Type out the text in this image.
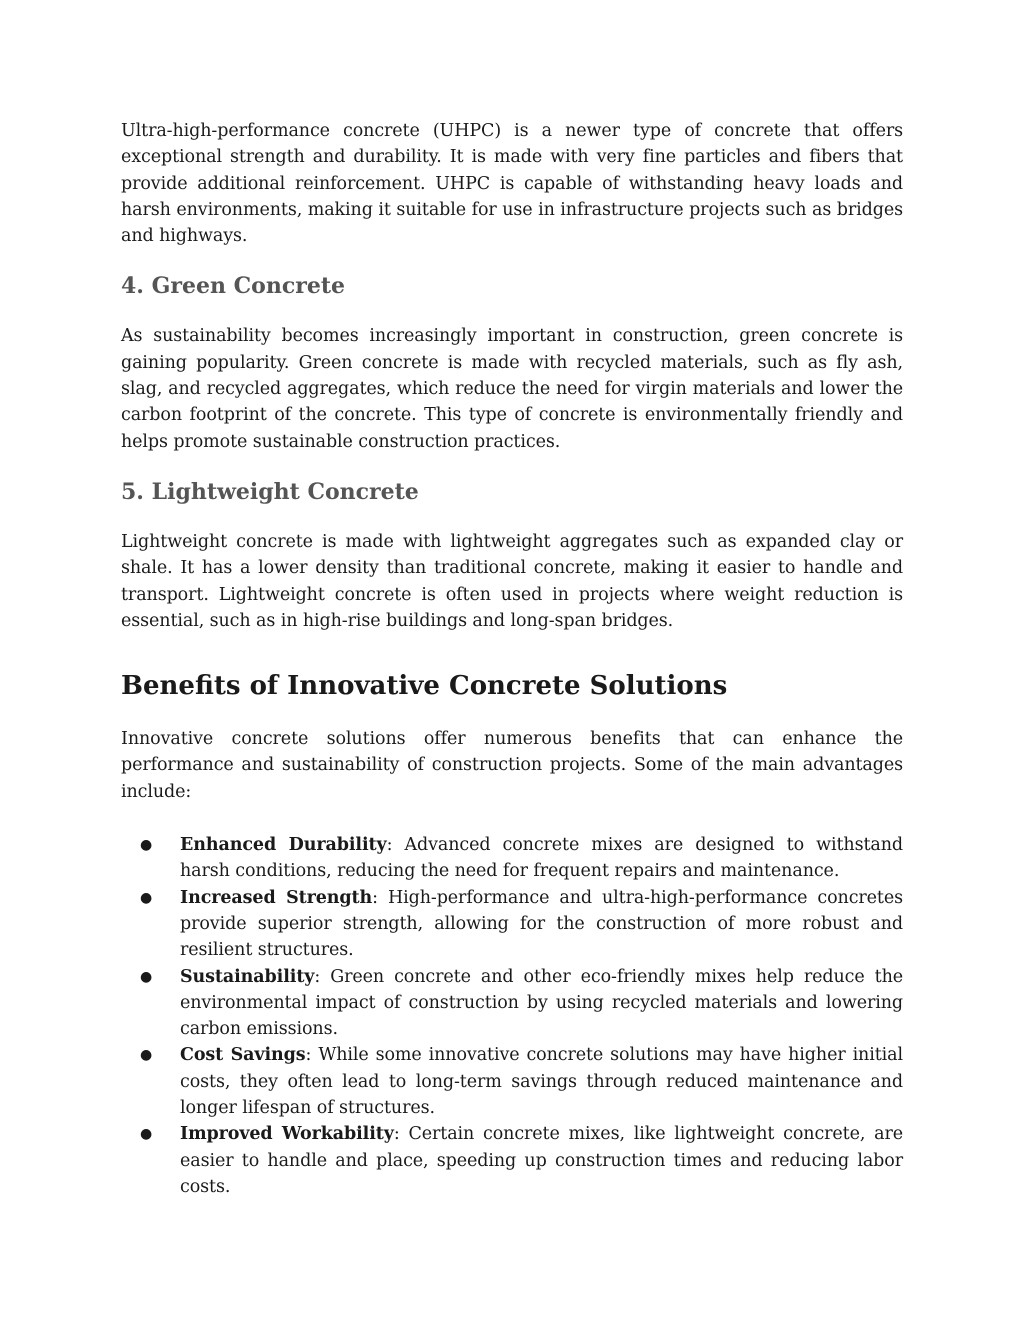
Ultra-high-performance concrete (UHPC) is a newer type of concrete that offers exceptional strength and durability. It is made with very fine particles and fibers that provide additional reinforcement. UHPC is capable of withstanding heavy loads and harsh environments, making it suitable for use in infrastructure projects such as bridges and highways.

4. Green Concrete

As sustainability becomes increasingly important in construction, green concrete is gaining popularity. Green concrete is made with recycled materials, such as fly ash, slag, and recycled aggregates, which reduce the need for virgin materials and lower the carbon footprint of the concrete. This type of concrete is environmentally friendly and helps promote sustainable construction practices.

5. Lightweight Concrete

Lightweight concrete is made with lightweight aggregates such as expanded clay or shale. It has a lower density than traditional concrete, making it easier to handle and transport. Lightweight concrete is often used in projects where weight reduction is essential, such as in high-rise buildings and long-span bridges.

Benefits of Innovative Concrete Solutions

Innovative concrete solutions offer numerous benefits that can enhance the performance and sustainability of construction projects. Some of the main advantages include:

● Enhanced Durability: Advanced concrete mixes are designed to withstand harsh conditions, reducing the need for frequent repairs and maintenance.
● Increased Strength: High-performance and ultra-high-performance concretes provide superior strength, allowing for the construction of more robust and resilient structures.
● Sustainability: Green concrete and other eco-friendly mixes help reduce the environmental impact of construction by using recycled materials and lowering carbon emissions.
● Cost Savings: While some innovative concrete solutions may have higher initial costs, they often lead to long-term savings through reduced maintenance and longer lifespan of structures.
● Improved Workability: Certain concrete mixes, like lightweight concrete, are easier to handle and place, speeding up construction times and reducing labor costs.
